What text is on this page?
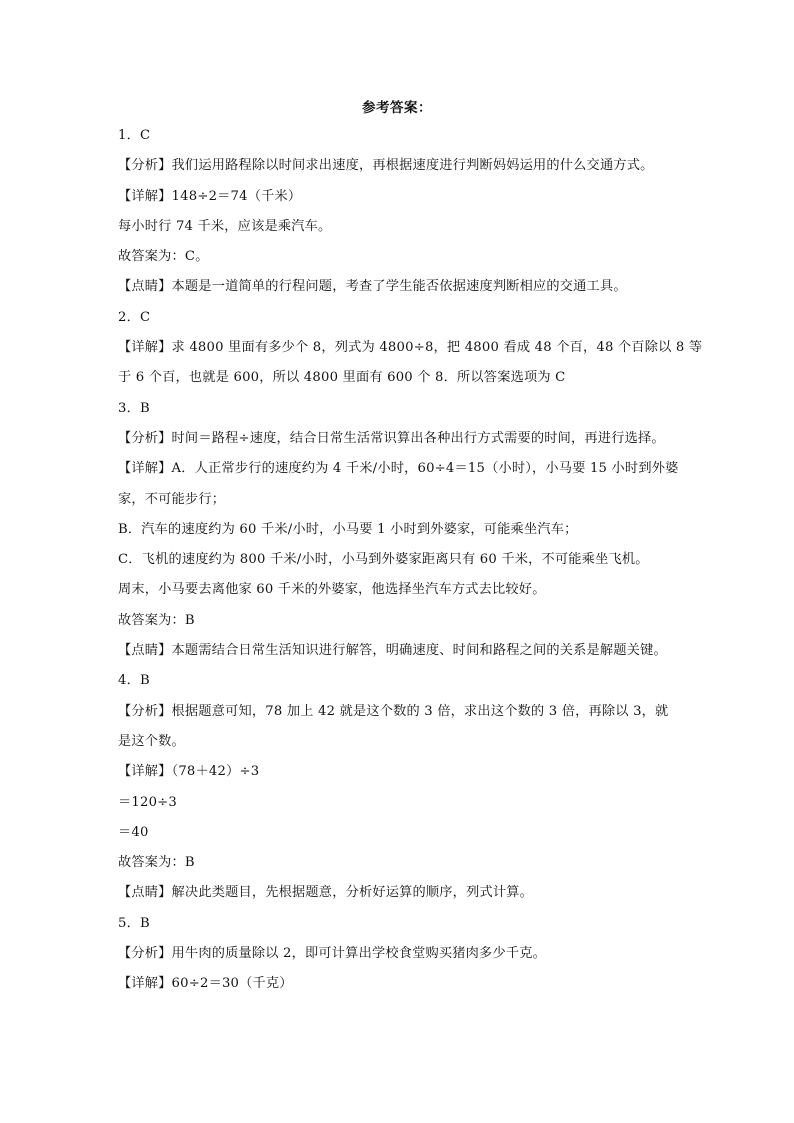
参考答案：
1．C
【分析】我们运用路程除以时间求出速度，再根据速度进行判断妈妈运用的什么交通方式。
【详解】148÷2＝74（千米）
每小时行 74 千米，应该是乘汽车。
故答案为：C。
【点睛】本题是一道简单的行程问题，考查了学生能否依据速度判断相应的交通工具。
2．C
【详解】求 4800 里面有多少个 8，列式为 4800÷8，把 4800 看成 48 个百，48 个百除以 8 等
于 6 个百，也就是 600，所以 4800 里面有 600 个 8．所以答案选项为 C
3．B
【分析】时间＝路程÷速度，结合日常生活常识算出各种出行方式需要的时间，再进行选择。
【详解】A．人正常步行的速度约为 4 千米/小时，60÷4＝15（小时），小马要 15 小时到外婆
家，不可能步行；
B．汽车的速度约为 60 千米/小时，小马要 1 小时到外婆家，可能乘坐汽车；
C．飞机的速度约为 800 千米/小时，小马到外婆家距离只有 60 千米，不可能乘坐飞机。
周末，小马要去离他家 60 千米的外婆家，他选择坐汽车方式去比较好。
故答案为：B
【点睛】本题需结合日常生活知识进行解答，明确速度、时间和路程之间的关系是解题关键。
4．B
【分析】根据题意可知，78 加上 42 就是这个数的 3 倍，求出这个数的 3 倍，再除以 3，就
是这个数。
【详解】（78＋42）÷3
＝120÷3
＝40
故答案为：B
【点睛】解决此类题目，先根据题意，分析好运算的顺序，列式计算。
5．B
【分析】用牛肉的质量除以 2，即可计算出学校食堂购买猪肉多少千克。
【详解】60÷2＝30（千克）
